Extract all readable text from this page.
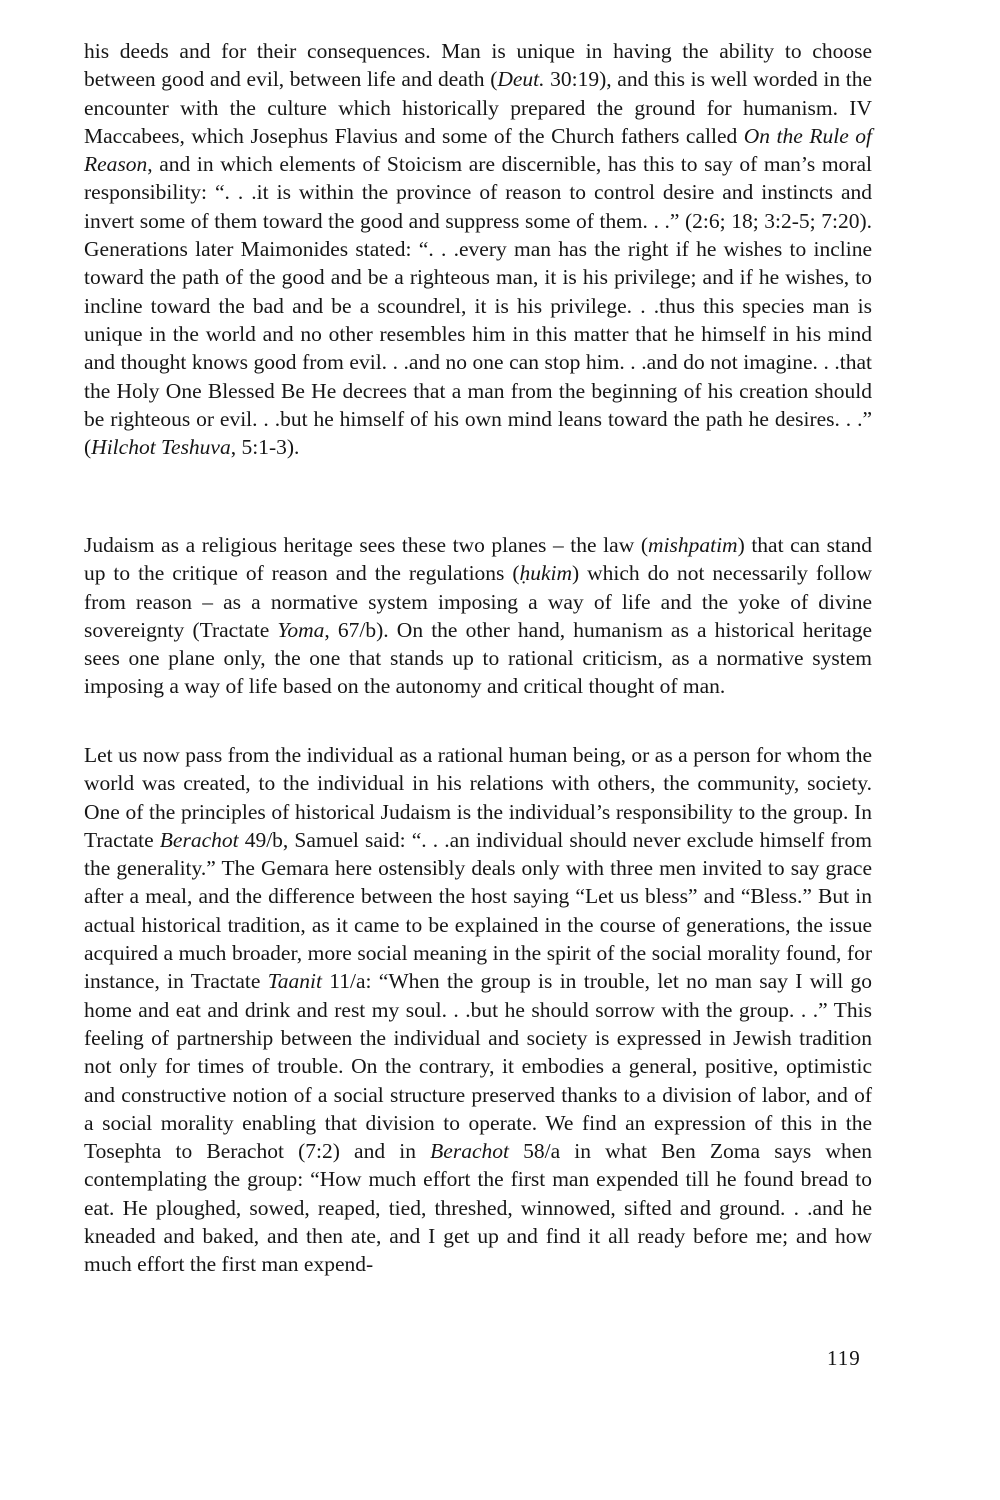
his deeds and for their consequences. Man is unique in having the ability to choose between good and evil, between life and death (Deut. 30:19), and this is well worded in the encounter with the culture which historically prepared the ground for humanism. IV Maccabees, which Josephus Flavius and some of the Church fathers called On the Rule of Reason, and in which elements of Stoicism are discernible, has this to say of man’s moral responsibility: “. . .it is within the province of reason to control desire and instincts and invert some of them toward the good and suppress some of them. . .” (2:6; 18; 3:2-5; 7:20). Generations later Maimonides stated: “. . .every man has the right if he wishes to incline toward the path of the good and be a righteous man, it is his privilege; and if he wishes, to incline toward the bad and be a scoundrel, it is his privilege. . .thus this species man is unique in the world and no other resembles him in this matter that he himself in his mind and thought knows good from evil. . .and no one can stop him. . .and do not imagine. . .that the Holy One Blessed Be He decrees that a man from the beginning of his creation should be righteous or evil. . .but he himself of his own mind leans toward the path he desires. . .” (Hilchot Teshuva, 5:1-3).

Judaism as a religious heritage sees these two planes – the law (mishpatim) that can stand up to the critique of reason and the regulations (ḥukim) which do not necessarily follow from reason – as a normative system imposing a way of life and the yoke of divine sovereignty (Tractate Yoma, 67/b). On the other hand, humanism as a historical heritage sees one plane only, the one that stands up to rational criticism, as a normative system imposing a way of life based on the autonomy and critical thought of man.

Let us now pass from the individual as a rational human being, or as a person for whom the world was created, to the individual in his relations with others, the community, society. One of the principles of historical Judaism is the individual’s responsibility to the group. In Tractate Berachot 49/b, Samuel said: “. . .an individual should never exclude himself from the generality.” The Gemara here ostensibly deals only with three men invited to say grace after a meal, and the difference between the host saying “Let us bless” and “Bless.” But in actual historical tradition, as it came to be explained in the course of generations, the issue acquired a much broader, more social meaning in the spirit of the social morality found, for instance, in Tractate Taanit 11/a: “When the group is in trouble, let no man say I will go home and eat and drink and rest my soul. . .but he should sorrow with the group. . .” This feeling of partnership between the individual and society is expressed in Jewish tradition not only for times of trouble. On the contrary, it embodies a general, positive, optimistic and constructive notion of a social structure preserved thanks to a division of labor, and of a social morality enabling that division to operate. We find an expression of this in the Tosephta to Berachot (7:2) and in Berachot 58/a in what Ben Zoma says when contemplating the group: “How much effort the first man expended till he found bread to eat. He ploughed, sowed, reaped, tied, threshed, winnowed, sifted and ground. . .and he kneaded and baked, and then ate, and I get up and find it all ready before me; and how much effort the first man expend-

119
